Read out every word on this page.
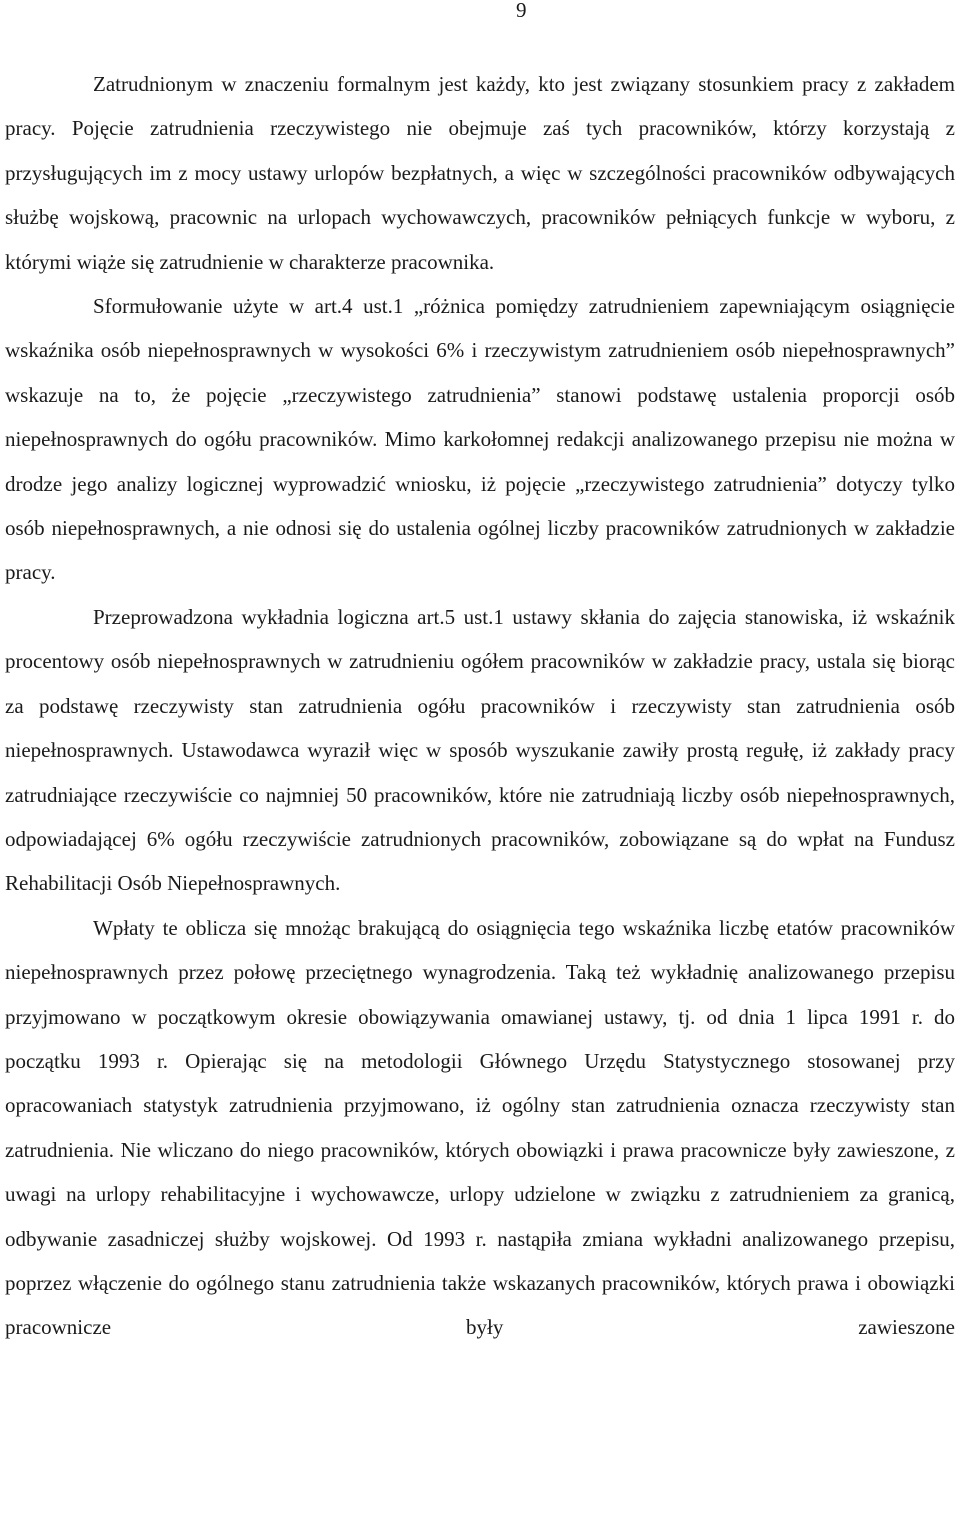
9

Zatrudnionym w znaczeniu formalnym jest każdy, kto jest związany stosunkiem pracy z zakładem pracy. Pojęcie zatrudnienia rzeczywistego nie obejmuje zaś tych pracowników, którzy korzystają z przysługujących im z mocy ustawy urlopów bezpłatnych, a więc w szczególności pracowników odbywających służbę wojskową, pracownic na urlopach wychowawczych, pracowników pełniących funkcje w wyboru, z którymi wiąże się zatrudnienie w charakterze pracownika.

Sformułowanie użyte w art.4 ust.1 „różnica pomiędzy zatrudnieniem zapewniającym osiągnięcie wskaźnika osób niepełnosprawnych w wysokości 6% i rzeczywistym zatrudnieniem osób niepełnosprawnych” wskazuje na to, że pojęcie „rzeczywistego zatrudnienia” stanowi podstawę ustalenia proporcji osób niepełnosprawnych do ogółu pracowników. Mimo karkołomnej redakcji analizowanego przepisu nie można w drodze jego analizy logicznej wyprowadzić wniosku, iż pojęcie „rzeczywistego zatrudnienia” dotyczy tylko osób niepełnosprawnych, a nie odnosi się do ustalenia ogólnej liczby pracowników zatrudnionych w zakładzie pracy.

Przeprowadzona wykładnia logiczna art.5 ust.1 ustawy skłania do zajęcia stanowiska, iż wskaźnik procentowy osób niepełnosprawnych w zatrudnieniu ogółem pracowników w zakładzie pracy, ustala się biorąc za podstawę rzeczywisty stan zatrudnienia ogółu pracowników i rzeczywisty stan zatrudnienia osób niepełnosprawnych. Ustawodawca wyraził więc w sposób wyszukanie zawiły prostą regułę, iż zakłady pracy zatrudniające rzeczywiście co najmniej 50 pracowników, które nie zatrudniają liczby osób niepełnosprawnych, odpowiadającej 6% ogółu rzeczywiście zatrudnionych pracowników, zobowiązane są do wpłat na Fundusz Rehabilitacji Osób Niepełnosprawnych.

Wpłaty te oblicza się mnożąc brakującą do osiągnięcia tego wskaźnika liczbę etatów pracowników niepełnosprawnych przez połowę przeciętnego wynagrodzenia. Taką też wykładnię analizowanego przepisu przyjmowano w początkowym okresie obowiązywania omawianej ustawy, tj. od dnia 1 lipca 1991 r. do początku 1993 r. Opierając się na metodologii Głównego Urzędu Statystycznego stosowanej przy opracowaniach statystyk zatrudnienia przyjmowano, iż ogólny stan zatrudnienia oznacza rzeczywisty stan zatrudnienia. Nie wliczano do niego pracowników, których obowiązki i prawa pracownicze były zawieszone, z uwagi na urlopy rehabilitacyjne i wychowawcze, urlopy udzielone w związku z zatrudnieniem za granicą, odbywanie zasadniczej służby wojskowej. Od 1993 r. nastąpiła zmiana wykładni analizowanego przepisu, poprzez włączenie do ogólnego stanu zatrudnienia także wskazanych pracowników, których prawa i obowiązki pracownicze były zawieszone
